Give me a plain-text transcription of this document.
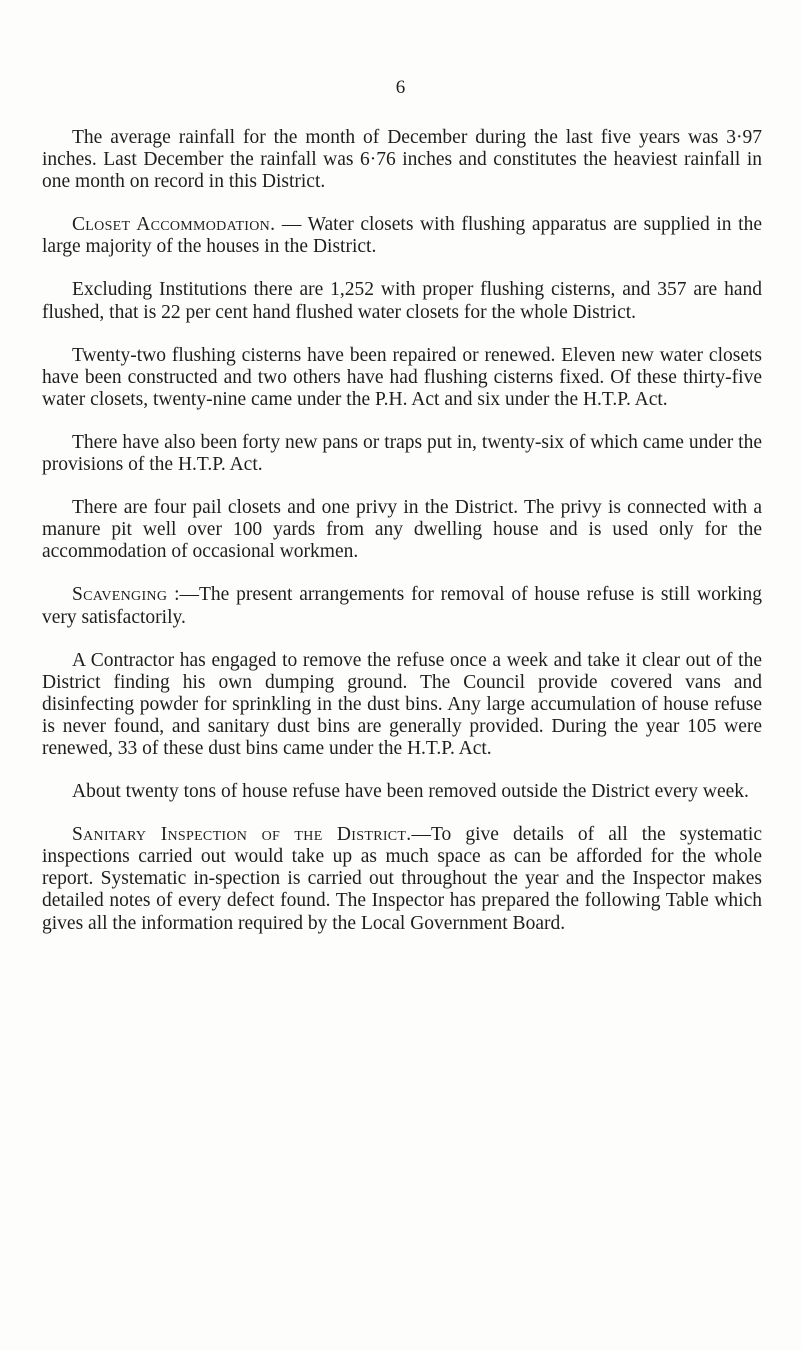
6

The average rainfall for the month of December during the last five years was 3·97 inches. Last December the rainfall was 6·76 inches and constitutes the heaviest rainfall in one month on record in this District.

Closet Accommodation. — Water closets with flushing apparatus are supplied in the large majority of the houses in the District.

Excluding Institutions there are 1,252 with proper flushing cisterns, and 357 are hand flushed, that is 22 per cent hand flushed water closets for the whole District.

Twenty-two flushing cisterns have been repaired or renewed. Eleven new water closets have been constructed and two others have had flushing cisterns fixed. Of these thirty-five water closets, twenty-nine came under the P.H. Act and six under the H.T.P. Act.

There have also been forty new pans or traps put in, twenty-six of which came under the provisions of the H.T.P. Act.

There are four pail closets and one privy in the District. The privy is connected with a manure pit well over 100 yards from any dwelling house and is used only for the accommodation of occasional workmen.

Scavenging :—The present arrangements for removal of house refuse is still working very satisfactorily.

A Contractor has engaged to remove the refuse once a week and take it clear out of the District finding his own dumping ground. The Council provide covered vans and disinfecting powder for sprinkling in the dust bins. Any large accumulation of house refuse is never found, and sanitary dust bins are generally provided. During the year 105 were renewed, 33 of these dust bins came under the H.T.P. Act.

About twenty tons of house refuse have been removed outside the District every week.

Sanitary Inspection of the District.—To give details of all the systematic inspections carried out would take up as much space as can be afforded for the whole report. Systematic in-spection is carried out throughout the year and the Inspector makes detailed notes of every defect found. The Inspector has prepared the following Table which gives all the information required by the Local Government Board.
